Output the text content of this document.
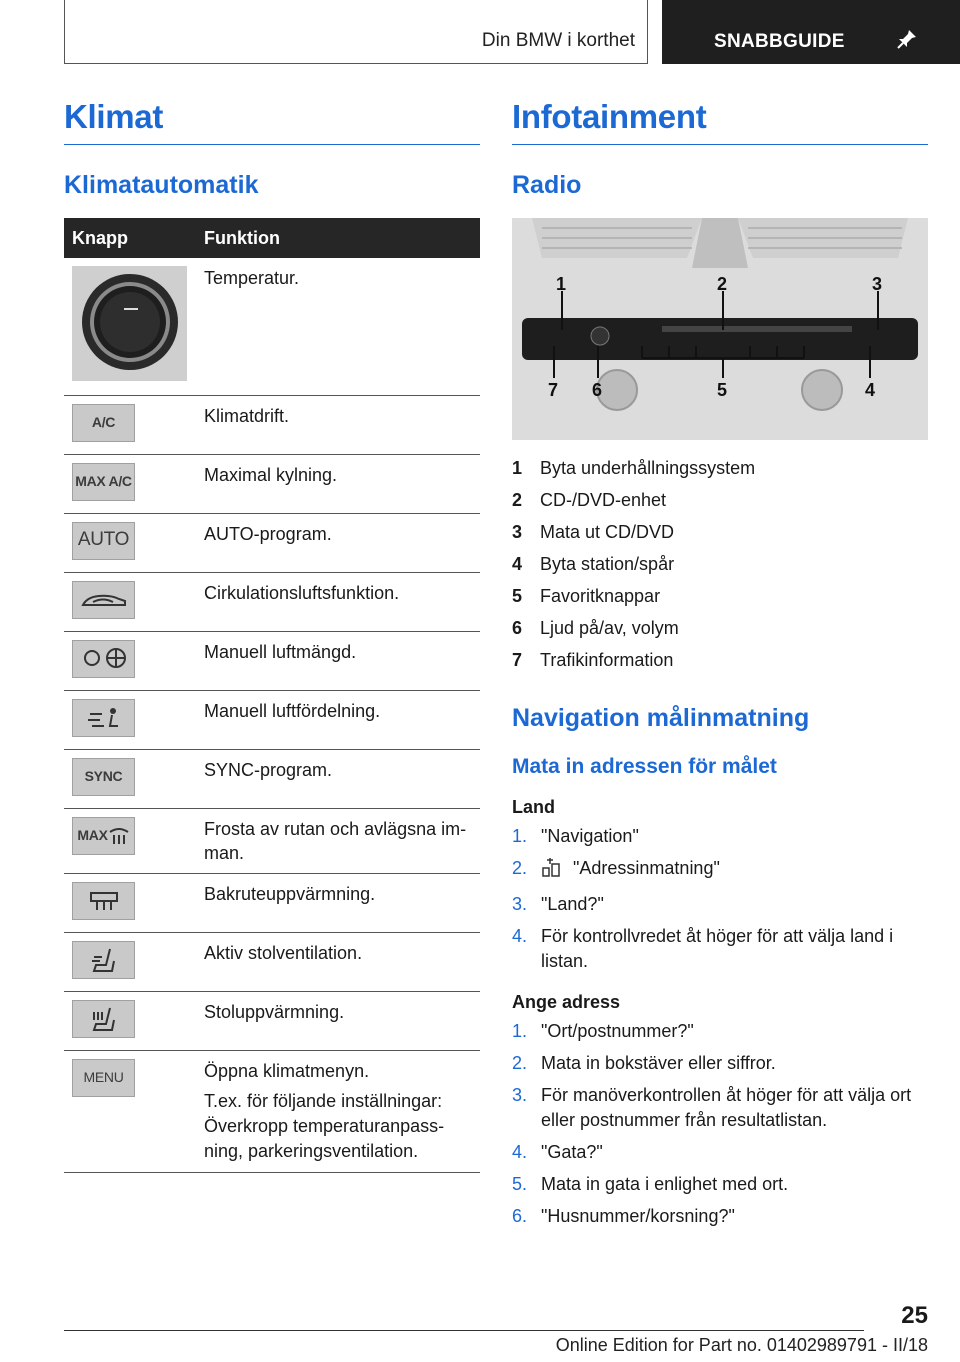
Din BMW i korthet	SNABBGUIDE
Klimat
Klimatautomatik
Knapp	Funktion

	Temperatur.

A/C	Klimatdrift.

MAX A/C	Maximal kylning.

AUTO	AUTO-program.

	Cirkulationsluftsfunktion.

	Manuell luftmängd.

	Manuell luftfördelning.

SYNC	SYNC-program.

MAX	Frosta av rutan och avlägsna im-man.

	Bakruteuppvärmning.

	Aktiv stolventilation.

	Stoluppvärmning.

MENU	Öppna klimatmenyn.

T.ex. för följande inställningar: Överkropp temperaturanpass-ning, parkeringsventilation.

Infotainment
Radio
1	2	3
4
5
6
7
1 Byta underhållningssystem
2 CD-/DVD-enhet
3 Mata ut CD/DVD
4 Byta station/spår
5 Favoritknappar
6 Ljud på/av, volym
7 Trafikinformation
Navigation målinmatning
Mata in adressen för målet
Land
1. "Navigation"
2.	"Adressinmatning"
3. "Land?"
4. För kontrollvredet åt höger för att välja land i listan.
Ange adress
1. "Ort/postnummer?"
2. Mata in bokstäver eller siffror.
3. För manöverkontrollen åt höger för att välja ort eller postnummer från resultatlistan.
4. "Gata?"
5. Mata in gata i enlighet med ort.
6. "Husnummer/korsning?"
25
Online Edition for Part no. 01402989791 - II/18
